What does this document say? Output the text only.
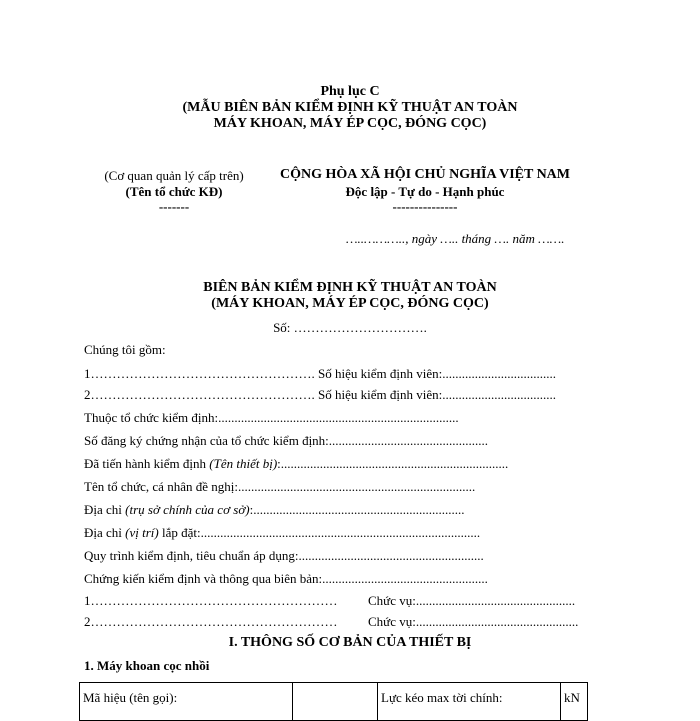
Phụ lục C
(MẪU BIÊN BẢN KIỂM ĐỊNH KỸ THUẬT AN TOÀN
MÁY KHOAN, MÁY ÉP CỌC, ĐÓNG CỌC)
(Cơ quan quản lý cấp trên)
(Tên tổ chức KĐ)
-------
CỘNG HÒA XÃ HỘI CHỦ NGHĨA VIỆT NAM
Độc lập - Tự do - Hạnh phúc
---------------
…..……….., ngày ….. tháng …. năm …….
BIÊN BẢN KIỂM ĐỊNH KỸ THUẬT AN TOÀN
(MÁY KHOAN, MÁY ÉP CỌC, ĐÓNG CỌC)
Số: ………………………….
Chúng tôi gồm:
1……………………………………………. Số hiệu kiểm định viên:...................................
2……………………………………………. Số hiệu kiểm định viên:...................................
Thuộc tổ chức kiểm định:..........................................................................
Số đăng ký chứng nhận của tổ chức kiểm định:.................................................
Đã tiến hành kiểm định (Tên thiết bị):......................................................................
Tên tổ chức, cá nhân đề nghị:.........................................................................
Địa chỉ (trụ sở chính của cơ sở):.................................................................
Địa chỉ (vị trí) lắp đặt:......................................................................................
Quy trình kiểm định, tiêu chuẩn áp dụng:.........................................................
Chứng kiến kiểm định và thông qua biên bản:...................................................
1………………………………………………… Chức vụ:.................................................
2………………………………………………… Chức vụ:..................................................
I. THÔNG SỐ CƠ BẢN CỦA THIẾT BỊ
1. Máy khoan cọc nhồi
Mã hiệu (tên gọi):		Lực kéo max tời chính:	kN
